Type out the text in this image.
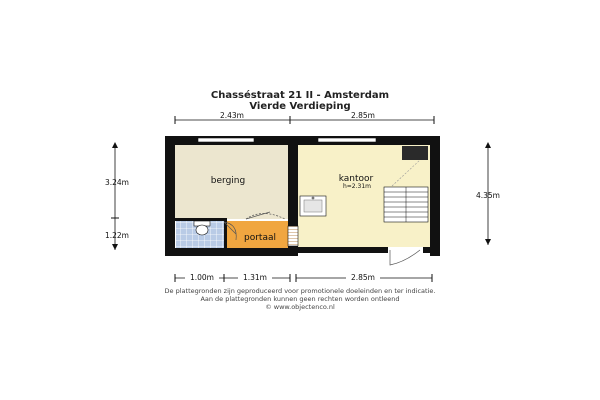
Chasséstraat 21 II - Amsterdam
Vierde Verdieping
2.43m	2.85m
3.24m
1.22m
4.35m
berging	kantoor
h=2.31m
portaal
1.00m	1.31m	2.85m
De plattegronden zijn geproduceerd voor promotionele doeleinden en ter indicatie.
Aan de plattegronden kunnen geen rechten worden ontleend
© www.objectenco.nl
